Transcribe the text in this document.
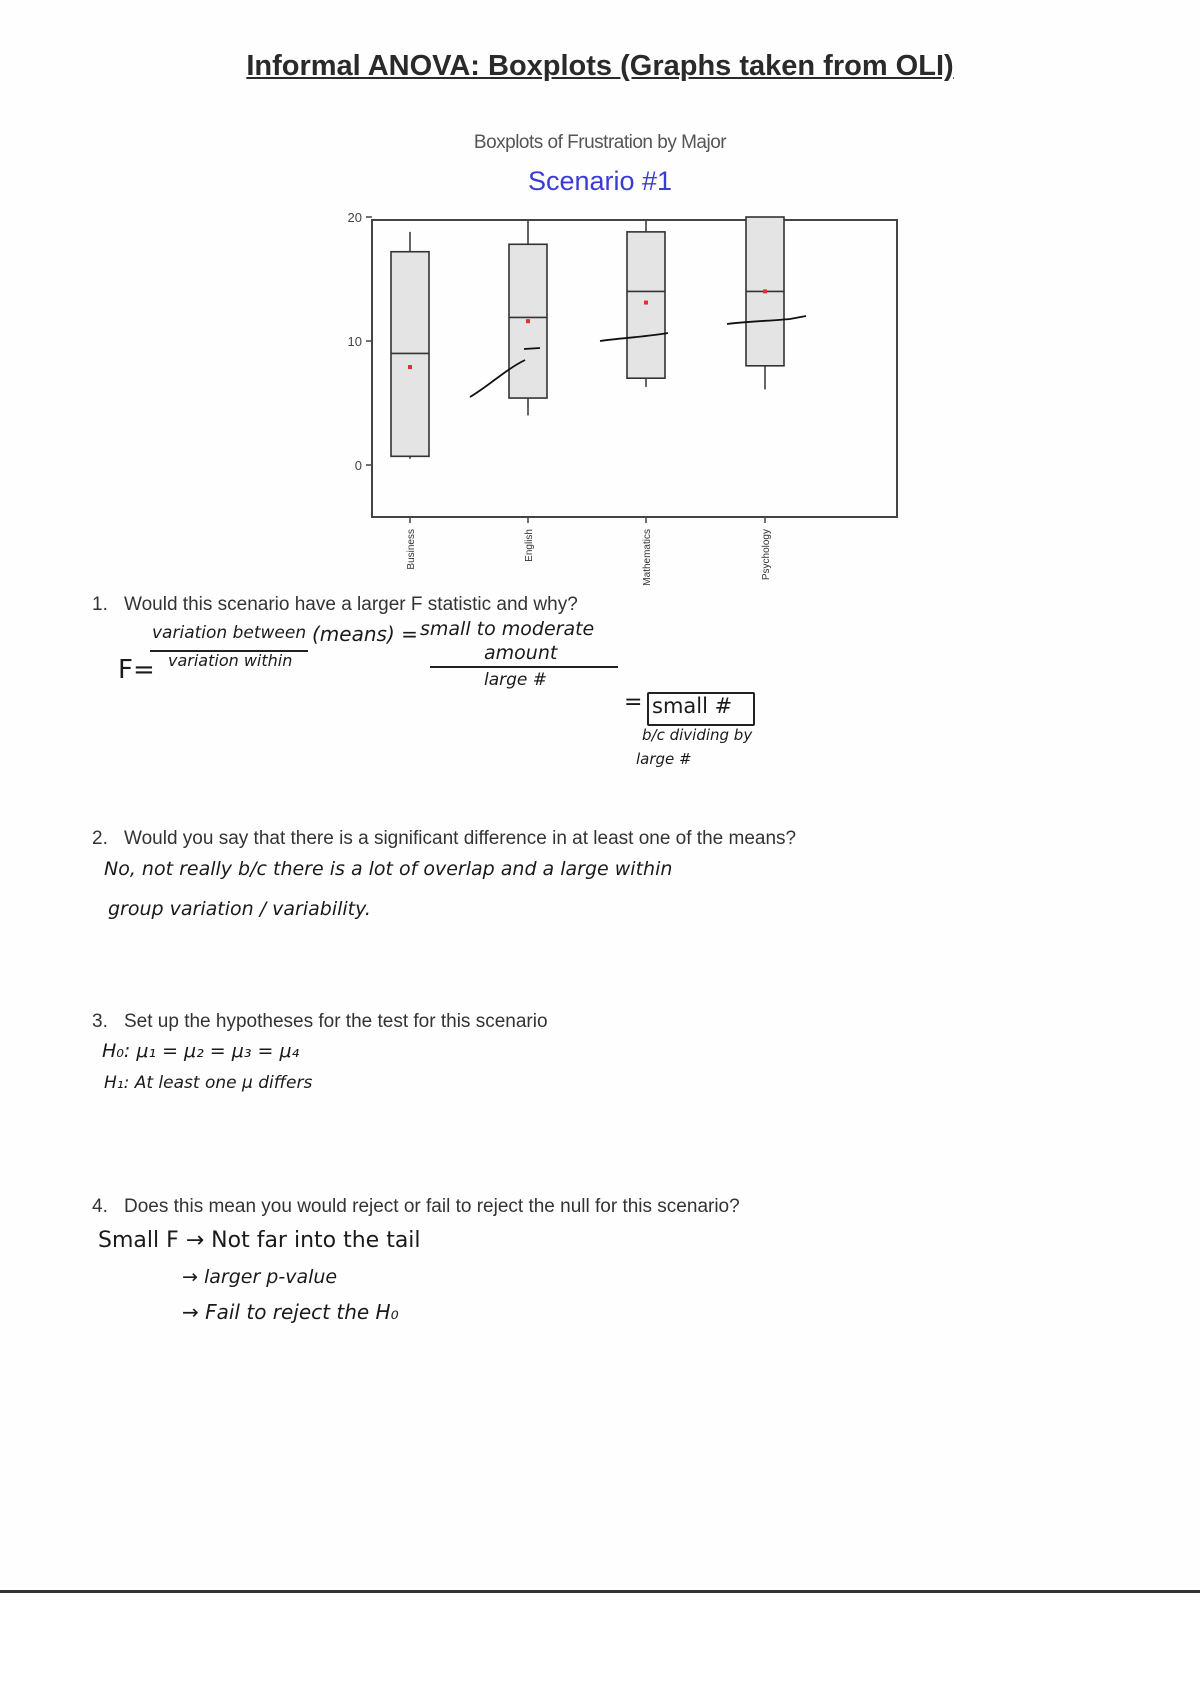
Informal ANOVA: Boxplots (Graphs taken from OLI)
Boxplots of Frustration by Major
Scenario #1
0
10
20
Business	English	Mathematics	Psychology
1. Would this scenario have a larger F statistic and why?
variation between
F= variation within
(means) = small to moderate
amount
large #
= small #
b/c dividing by
large #
2. Would you say that there is a significant difference in at least one of the means?
No, not really b/c there is a lot of overlap and a large within
group variation / variability.
3. Set up the hypotheses for the test for this scenario
H₀: μ₁ = μ₂ = μ₃ = μ₄
H₁: At least one μ differs
4. Does this mean you would reject or fail to reject the null for this scenario?
Small F → Not far into the tail
→ larger p-value
→ Fail to reject the H₀
